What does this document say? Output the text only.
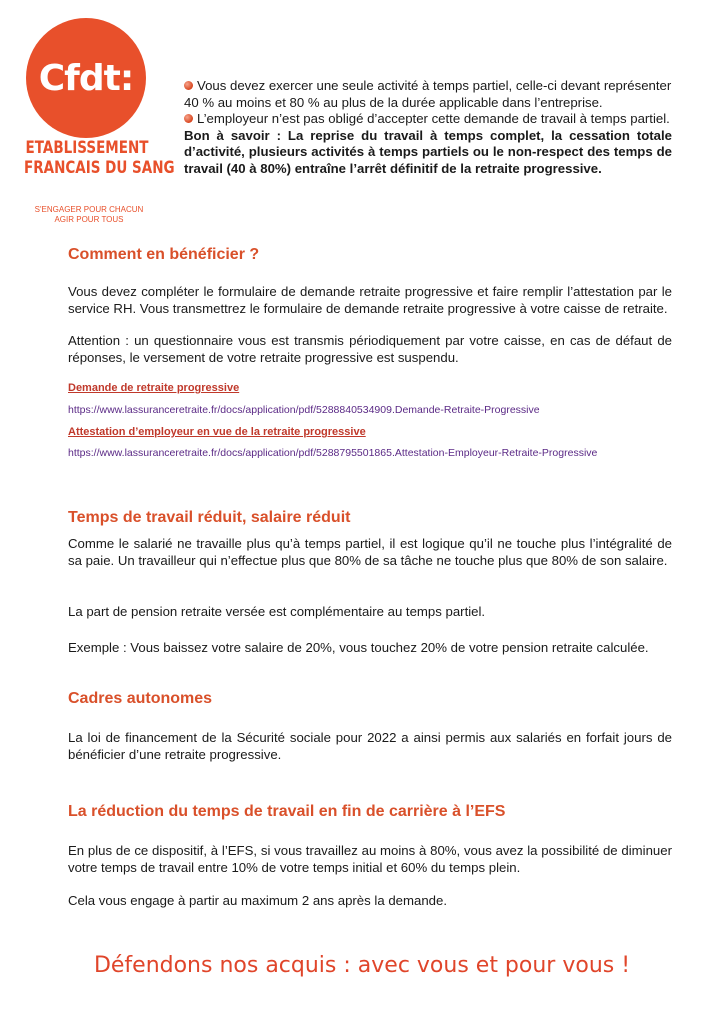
Cfdt:
ETABLISSEMENT
FRANCAIS DU SANG
S'ENGAGER POUR CHACUN
AGIR POUR TOUS

Vous devez exercer une seule activité à temps partiel, celle-ci devant représenter 40 % au moins et 80 % au plus de la durée applicable dans l’entreprise.

L’employeur n’est pas obligé d’accepter cette demande de travail à temps partiel.

Bon à savoir : La reprise du travail à temps complet, la cessation totale d’activité, plusieurs activités à temps partiels ou le non-respect des temps de travail (40 à 80%) entraîne l’arrêt définitif de la retraite progressive.

Comment en bénéficier ?

Vous devez compléter le formulaire de demande retraite progressive et faire remplir l’attestation par le service RH. Vous transmettrez le formulaire de demande retraite progressive à votre caisse de retraite.

Attention : un questionnaire vous est transmis périodiquement par votre caisse, en cas de défaut de réponses, le versement de votre retraite progressive est suspendu.

Demande de retraite progressive
https://www.lassuranceretraite.fr/docs/application/pdf/5288840534909.Demande-Retraite-Progressive
Attestation d’employeur en vue de la retraite progressive
https://www.lassuranceretraite.fr/docs/application/pdf/5288795501865.Attestation-Employeur-Retraite-Progressive
Temps de travail réduit, salaire réduit

Comme le salarié ne travaille plus qu’à temps partiel, il est logique qu’il ne touche plus l’intégralité de sa paie. Un travailleur qui n’effectue plus que 80% de sa tâche ne touche plus que 80% de son salaire.

La part de pension retraite versée est complémentaire au temps partiel.

Exemple : Vous baissez votre salaire de 20%, vous touchez 20% de votre pension retraite calculée.

Cadres autonomes

La loi de financement de la Sécurité sociale pour 2022 a ainsi permis aux salariés en forfait jours de bénéficier d’une retraite progressive.

La réduction du temps de travail en fin de carrière à l’EFS

En plus de ce dispositif, à l’EFS, si vous travaillez au moins à 80%, vous avez la possibilité de diminuer votre temps de travail entre 10% de votre temps initial et 60% du temps plein.

Cela vous engage à partir au maximum 2 ans après la demande.

Défendons nos acquis : avec vous et pour vous !
